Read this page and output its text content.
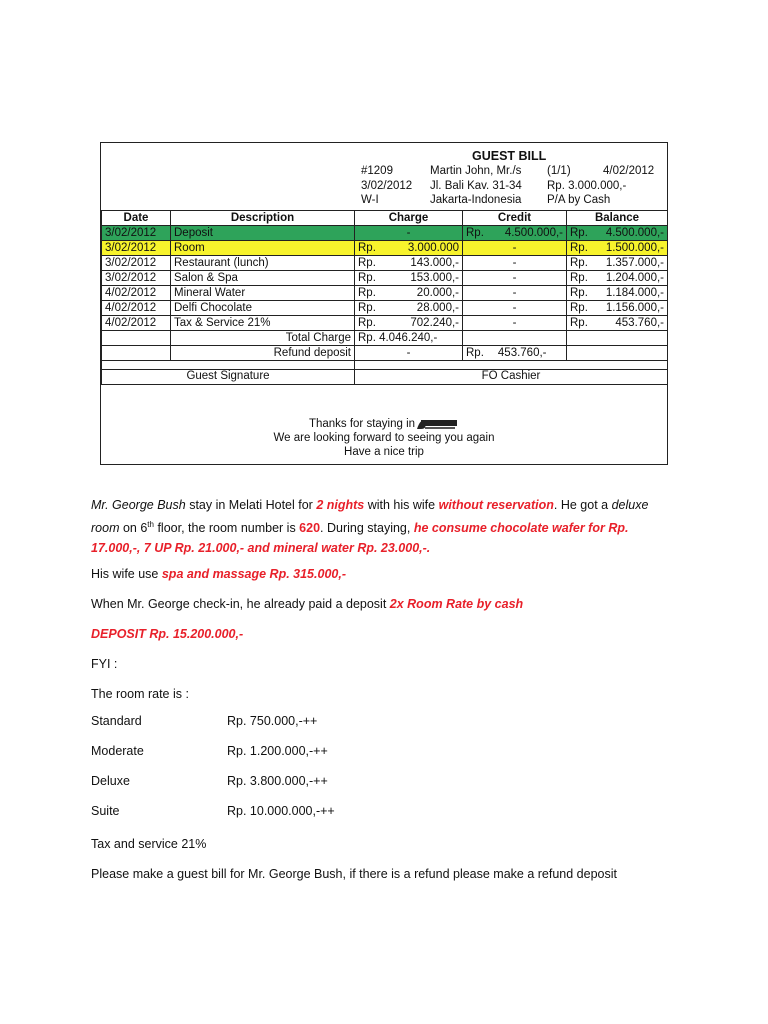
GUEST BILL
#1209	Martin John, Mr./s (1/1)	4/02/2012
3/02/2012 Jl. Bali Kav. 31-34 Rp. 3.000.000,-
W-I	Jakarta-Indonesia P/A by Cash
Date	Description	Charge	Credit	Balance
3/02/2012	Deposit	-	Rp. 4.500.000,-	Rp. 4.500.000,-

3/02/2012	Room	Rp. 3.000.000	-	Rp. 1.500.000,-

3/02/2012	Restaurant (lunch)	Rp. 143.000,-	-	Rp. 1.357.000,-

3/02/2012	Salon & Spa	Rp. 153.000,-	-	Rp. 1.204.000,-

4/02/2012	Mineral Water	Rp. 20.000,-	-	Rp. 1.184.000,-

4/02/2012	Delfi Chocolate	Rp. 28.000,-	-	Rp. 1.156.000,-

4/02/2012	Tax & Service 21%	Rp. 702.240,-	-	Rp. 453.760,-

	Total Charge	Rp. 4.046.240,-		
	Refund deposit	-	Rp. 453.760,-	

Guest Signature		FO Cashier		
Thanks for staying in
We are looking forward to seeing you again
Have a nice trip
Mr. George Bush stay in Melati Hotel for 2 nights with his wife without reservation. He got a deluxe room on 6th floor, the room number is 620. During staying, he consume chocolate wafer for Rp. 17.000,-, 7 UP Rp. 21.000,- and mineral water Rp. 23.000,-.
His wife use spa and massage Rp. 315.000,-
When Mr. George check-in, he already paid a deposit 2x Room Rate by cash
DEPOSIT Rp. 15.200.000,-
FYI :
The room rate is :
Standard	Rp. 750.000,-++
Moderate	Rp. 1.200.000,-++
Deluxe	Rp. 3.800.000,-++
Suite	Rp. 10.000.000,-++
Tax and service 21%
Please make a guest bill for Mr. George Bush, if there is a refund please make a refund deposit
